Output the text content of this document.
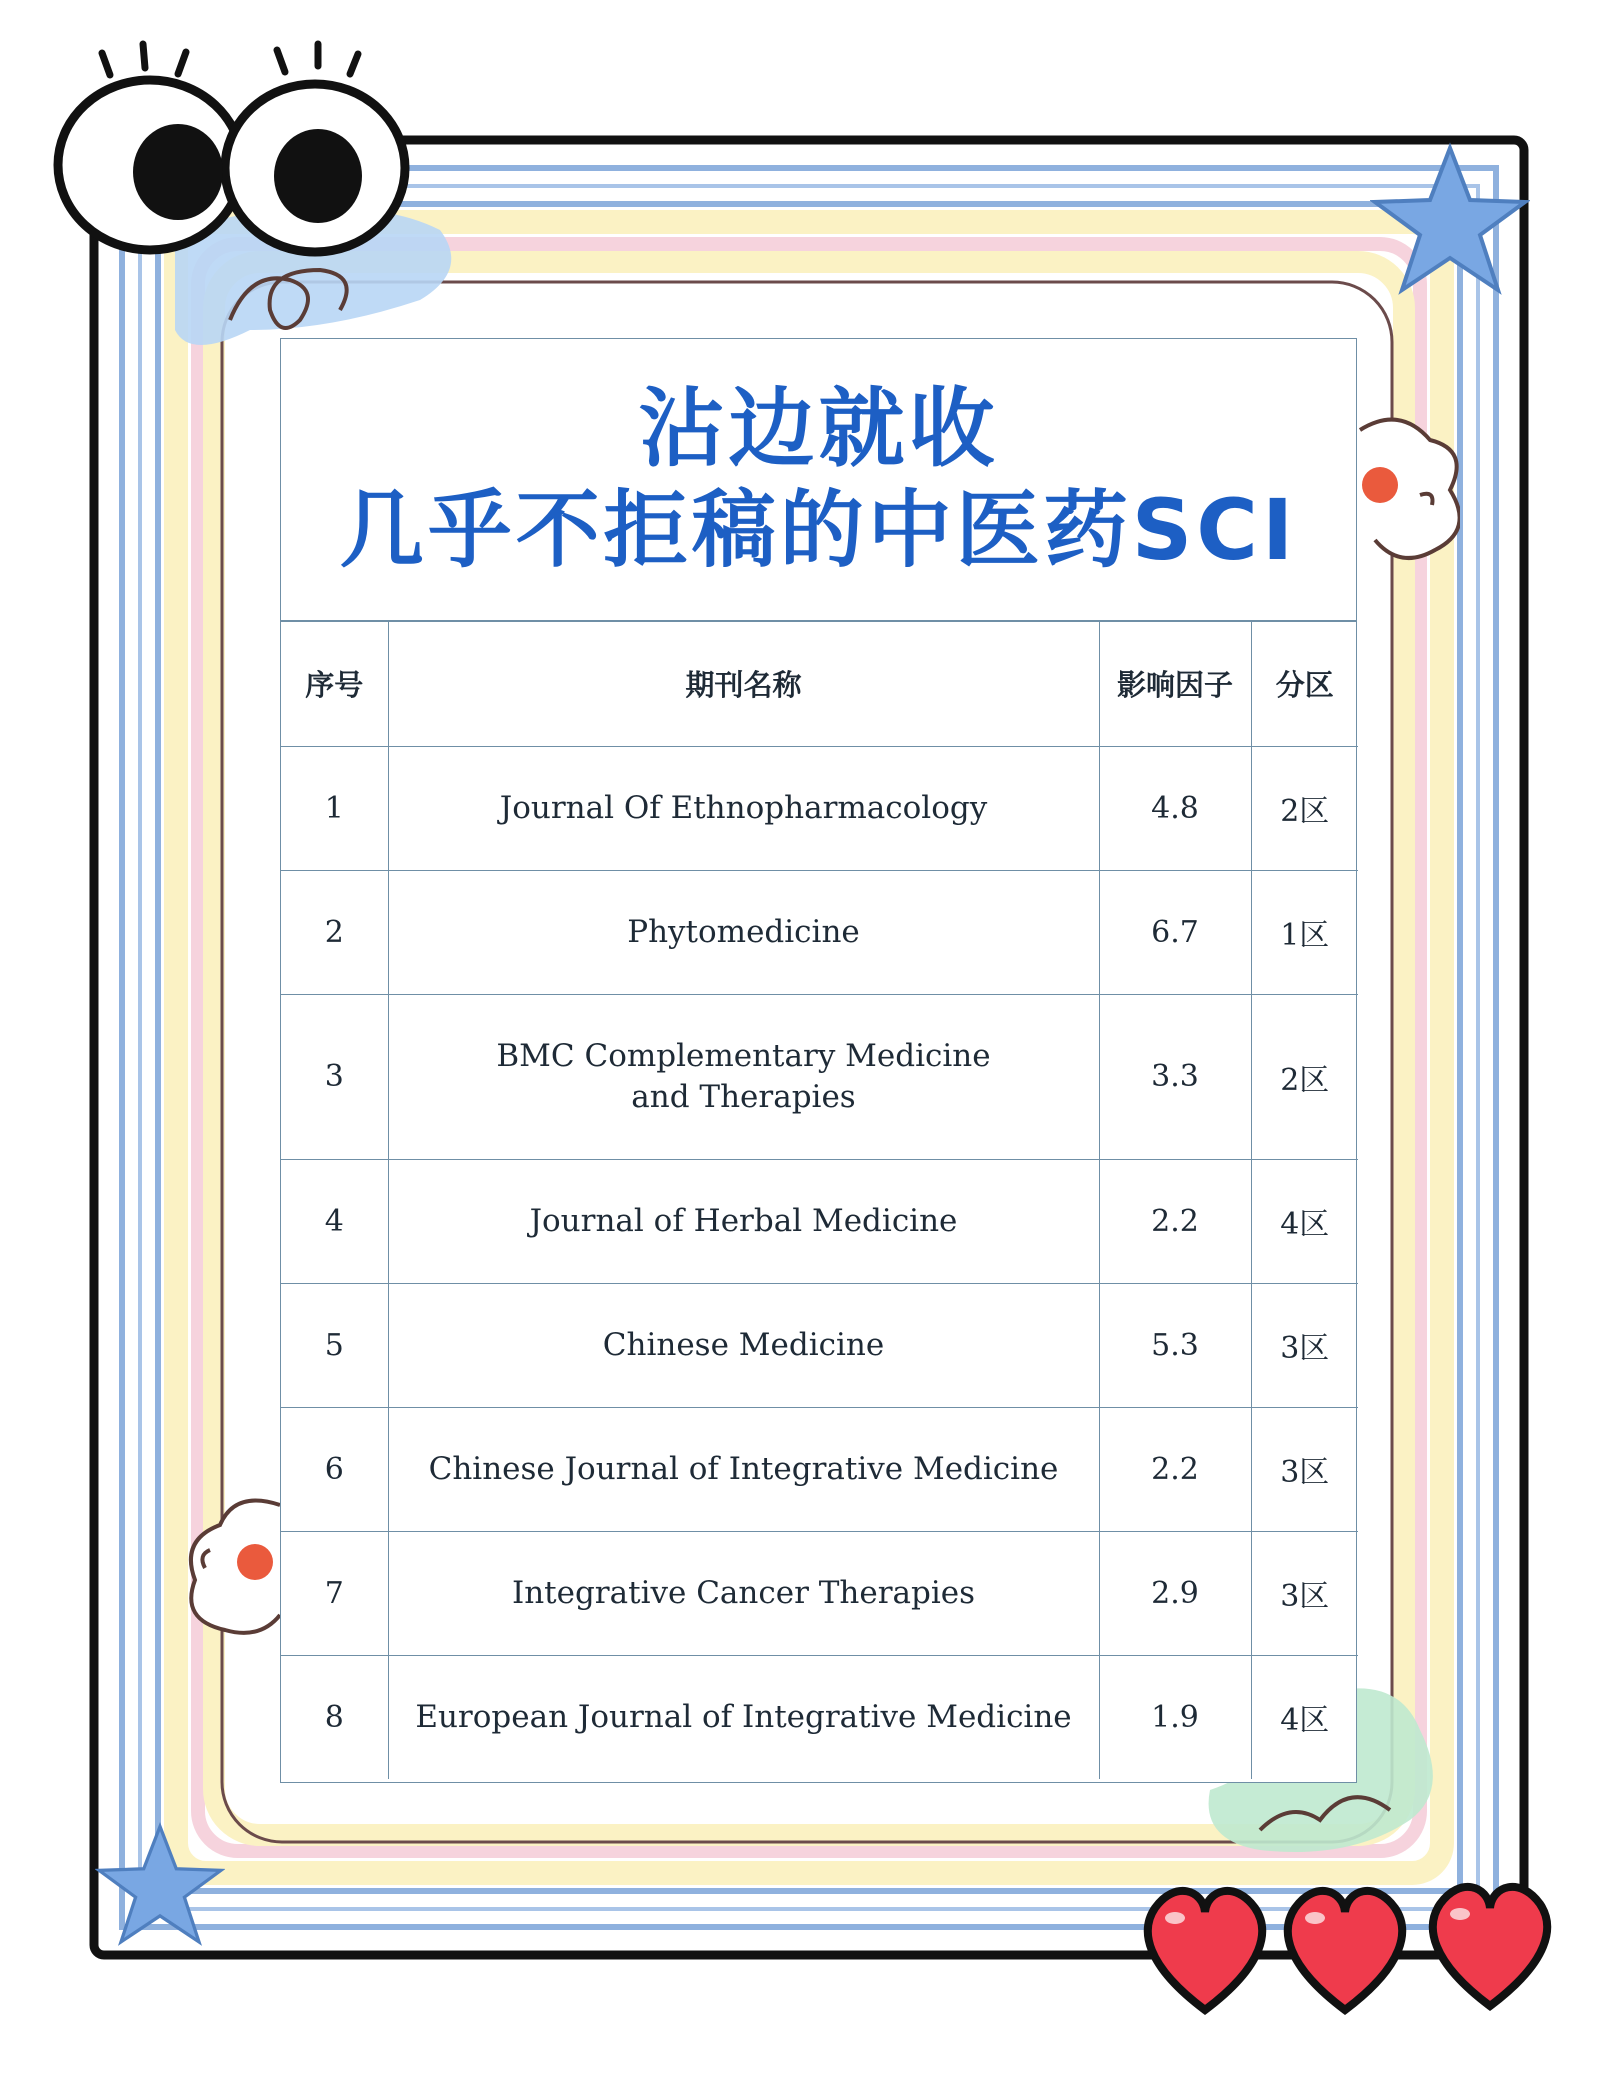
沾边就收
几乎不拒稿的中医药SCI
序号	期刊名称	影响因子	分区
1	Journal Of Ethnopharmacology	4.8	2区
2	Phytomedicine	6.7	1区
3	BMC Complementary Medicine and Therapies	3.3	2区
4	Journal of Herbal Medicine	2.2	4区
5	Chinese Medicine	5.3	3区
6	Chinese Journal of Integrative Medicine	2.2	3区
7	Integrative Cancer Therapies	2.9	3区
8	European Journal of Integrative Medicine	1.9	4区
